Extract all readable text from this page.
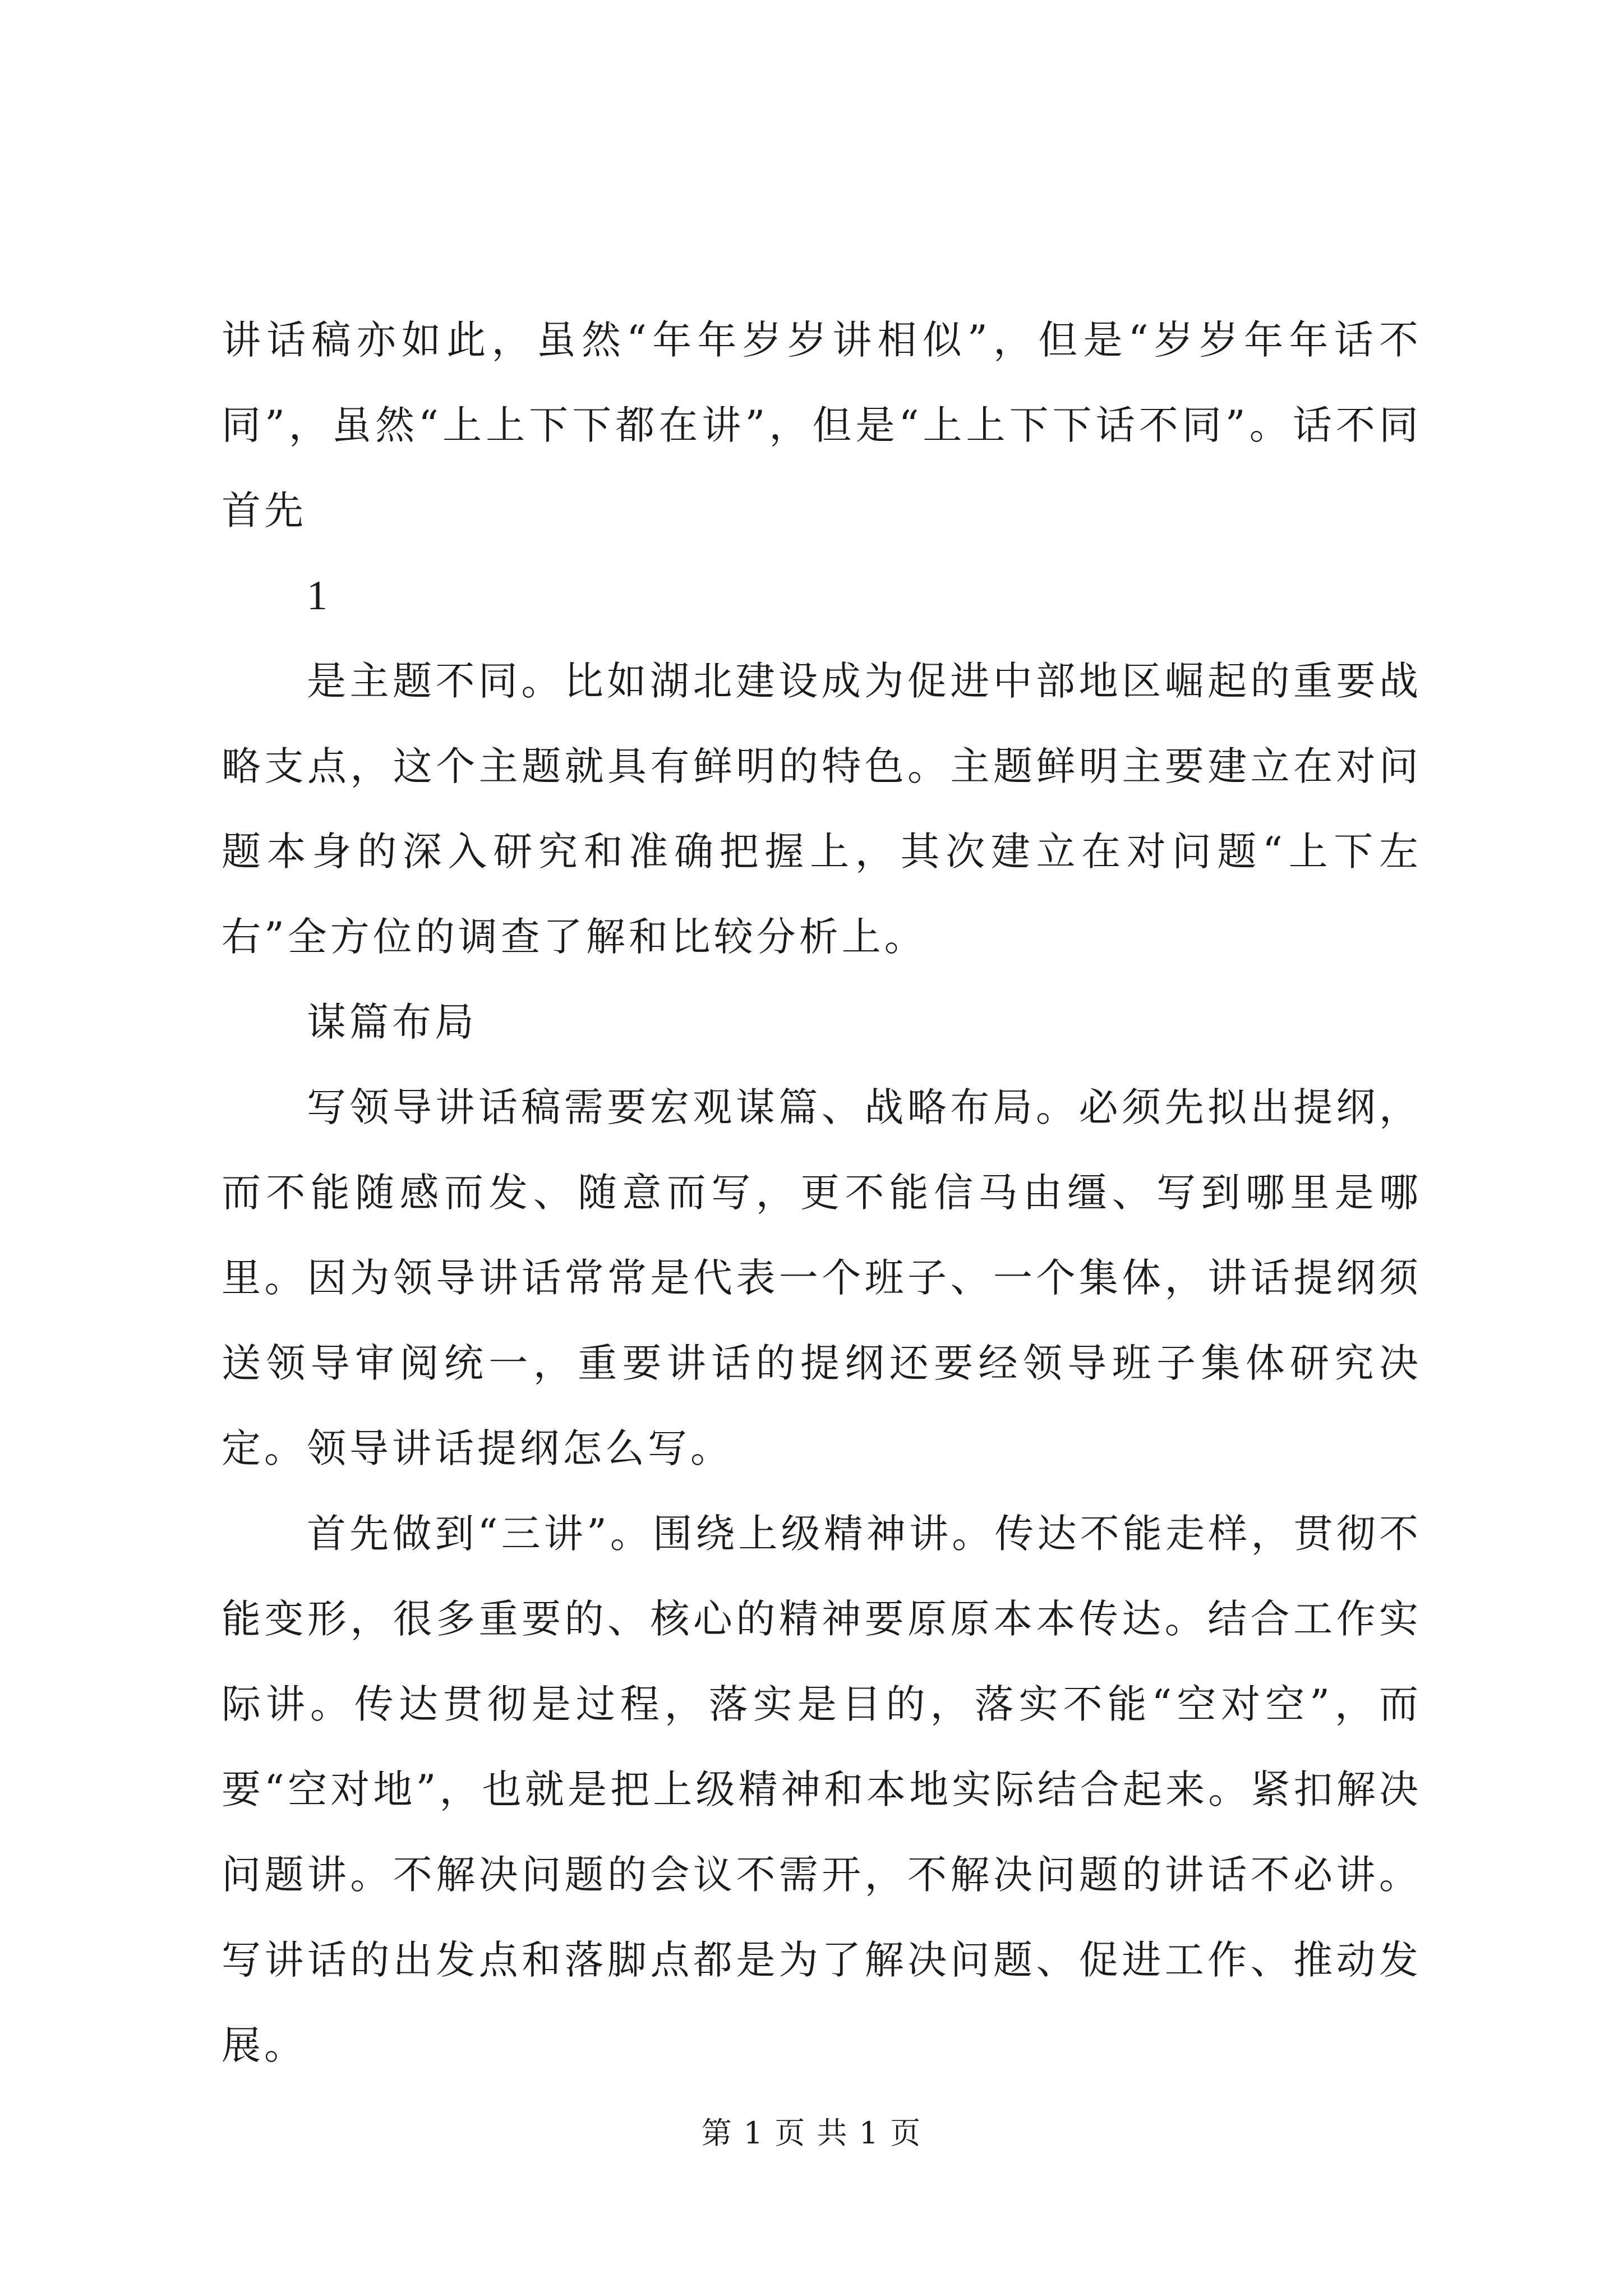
讲话稿亦如此，虽然“年年岁岁讲相似”，但是“岁岁年年话不同”，虽然“上上下下都在讲”，但是“上上下下话不同”。话不同首先

1

是主题不同。比如湖北建设成为促进中部地区崛起的重要战略支点，这个主题就具有鲜明的特色。主题鲜明主要建立在对问题本身的深入研究和准确把握上，其次建立在对问题“上下左右”全方位的调查了解和比较分析上。

谋篇布局

写领导讲话稿需要宏观谋篇、战略布局。必须先拟出提纲，而不能随感而发、随意而写，更不能信马由缰、写到哪里是哪里。因为领导讲话常常是代表一个班子、一个集体，讲话提纲须送领导审阅统一，重要讲话的提纲还要经领导班子集体研究决定。领导讲话提纲怎么写。

首先做到“三讲”。围绕上级精神讲。传达不能走样，贯彻不能变形，很多重要的、核心的精神要原原本本传达。结合工作实际讲。传达贯彻是过程，落实是目的，落实不能“空对空”，而要“空对地”，也就是把上级精神和本地实际结合起来。紧扣解决问题讲。不解决问题的会议不需开，不解决问题的讲话不必讲。写讲话的出发点和落脚点都是为了解决问题、促进工作、推动发展。

第 1 页 共 1 页
